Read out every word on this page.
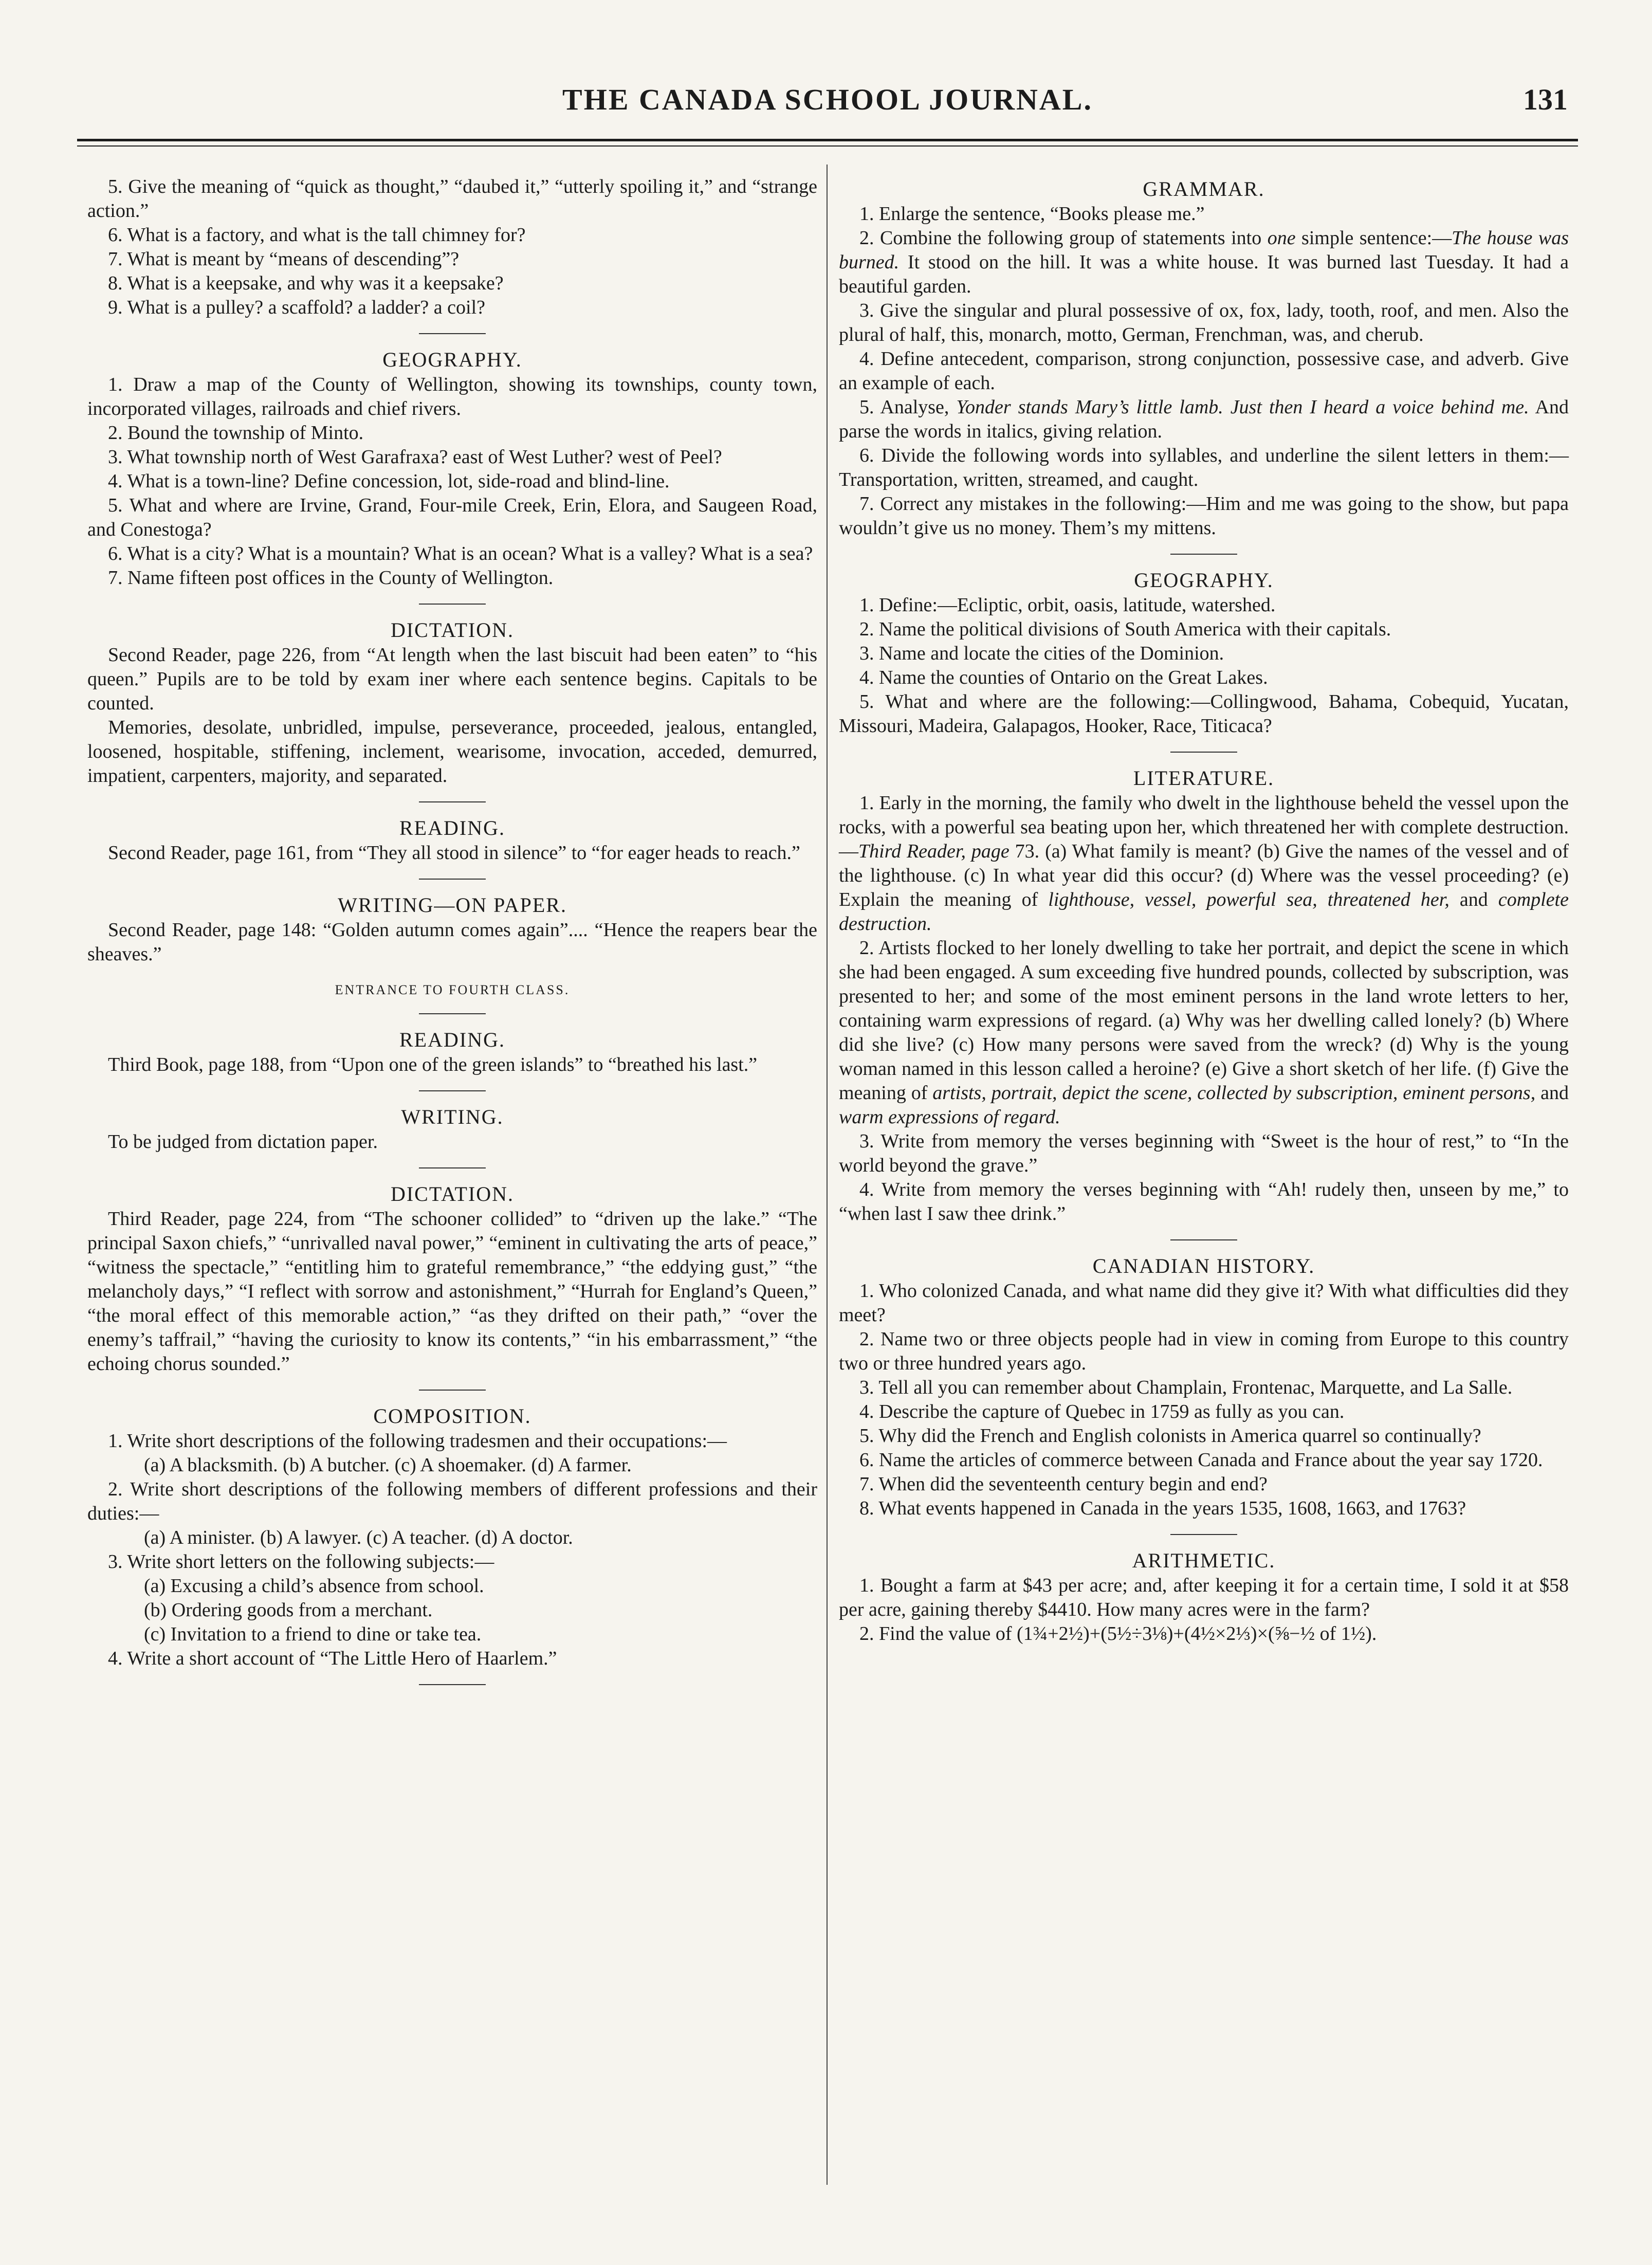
THE CANADA SCHOOL JOURNAL.	131

5. Give the meaning of “quick as thought,” “daubed it,” “utterly spoiling it,” and “strange action.”

6. What is a factory, and what is the tall chimney for?

7. What is meant by “means of descending”?

8. What is a keepsake, and why was it a keepsake?

9. What is a pulley? a scaffold? a ladder? a coil?

GEOGRAPHY.

1. Draw a map of the County of Wellington, showing its townships, county town, incorporated villages, railroads and chief rivers.

2. Bound the township of Minto.

3. What township north of West Garafraxa? east of West Luther? west of Peel?

4. What is a town-line? Define concession, lot, side-road and blind-line.

5. What and where are Irvine, Grand, Four-mile Creek, Erin, Elora, and Saugeen Road, and Conestoga?

6. What is a city? What is a mountain? What is an ocean? What is a valley? What is a sea?

7. Name fifteen post offices in the County of Wellington.

DICTATION.

Second Reader, page 226, from “At length when the last biscuit had been eaten” to “his queen.” Pupils are to be told by exam iner where each sentence begins. Capitals to be counted.

Memories, desolate, unbridled, impulse, perseverance, proceeded, jealous, entangled, loosened, hospitable, stiffening, inclement, wearisome, invocation, acceded, demurred, impatient, carpenters, majority, and separated.

READING.

Second Reader, page 161, from “They all stood in silence” to “for eager heads to reach.”

WRITING—ON PAPER.

Second Reader, page 148: “Golden autumn comes again”.... “Hence the reapers bear the sheaves.”

ENTRANCE TO FOURTH CLASS.
READING.

Third Book, page 188, from “Upon one of the green islands” to “breathed his last.”

WRITING.

To be judged from dictation paper.

DICTATION.

Third Reader, page 224, from “The schooner collided” to “driven up the lake.” “The principal Saxon chiefs,” “unrivalled naval power,” “eminent in cultivating the arts of peace,” “witness the spectacle,” “entitling him to grateful remembrance,” “the eddying gust,” “the melancholy days,” “I reflect with sorrow and astonishment,” “Hurrah for England’s Queen,” “the moral effect of this memorable action,” “as they drifted on their path,” “over the enemy’s taffrail,” “having the curiosity to know its contents,” “in his embarrassment,” “the echoing chorus sounded.”

COMPOSITION.

1. Write short descriptions of the following tradesmen and their occupations:—

(a) A blacksmith. (b) A butcher. (c) A shoemaker. (d) A farmer.

2. Write short descriptions of the following members of different professions and their duties:—

(a) A minister. (b) A lawyer. (c) A teacher. (d) A doctor.

3. Write short letters on the following subjects:—

(a) Excusing a child’s absence from school.

(b) Ordering goods from a merchant.

(c) Invitation to a friend to dine or take tea.

4. Write a short account of “The Little Hero of Haarlem.”

GRAMMAR.

1. Enlarge the sentence, “Books please me.”

2. Combine the following group of statements into one simple sentence:—The house was burned. It stood on the hill. It was a white house. It was burned last Tuesday. It had a beautiful garden.

3. Give the singular and plural possessive of ox, fox, lady, tooth, roof, and men. Also the plural of half, this, monarch, motto, German, Frenchman, was, and cherub.

4. Define antecedent, comparison, strong conjunction, possessive case, and adverb. Give an example of each.

5. Analyse, Yonder stands Mary’s little lamb. Just then I heard a voice behind me. And parse the words in italics, giving relation.

6. Divide the following words into syllables, and underline the silent letters in them:—Transportation, written, streamed, and caught.

7. Correct any mistakes in the following:—Him and me was going to the show, but papa wouldn’t give us no money. Them’s my mittens.

GEOGRAPHY.

1. Define:—Ecliptic, orbit, oasis, latitude, watershed.

2. Name the political divisions of South America with their capitals.

3. Name and locate the cities of the Dominion.

4. Name the counties of Ontario on the Great Lakes.

5. What and where are the following:—Collingwood, Bahama, Cobequid, Yucatan, Missouri, Madeira, Galapagos, Hooker, Race, Titicaca?

LITERATURE.

1. Early in the morning, the family who dwelt in the lighthouse beheld the vessel upon the rocks, with a powerful sea beating upon her, which threatened her with complete destruction.—Third Reader, page 73. (a) What family is meant? (b) Give the names of the vessel and of the lighthouse. (c) In what year did this occur? (d) Where was the vessel proceeding? (e) Explain the meaning of lighthouse, vessel, powerful sea, threatened her, and complete destruction.

2. Artists flocked to her lonely dwelling to take her portrait, and depict the scene in which she had been engaged. A sum exceeding five hundred pounds, collected by subscription, was presented to her; and some of the most eminent persons in the land wrote letters to her, containing warm expressions of regard. (a) Why was her dwelling called lonely? (b) Where did she live? (c) How many persons were saved from the wreck? (d) Why is the young woman named in this lesson called a heroine? (e) Give a short sketch of her life. (f) Give the meaning of artists, portrait, depict the scene, collected by subscription, eminent persons, and warm expressions of regard.

3. Write from memory the verses beginning with “Sweet is the hour of rest,” to “In the world beyond the grave.”

4. Write from memory the verses beginning with “Ah! rudely then, unseen by me,” to “when last I saw thee drink.”

CANADIAN HISTORY.

1. Who colonized Canada, and what name did they give it? With what difficulties did they meet?

2. Name two or three objects people had in view in coming from Europe to this country two or three hundred years ago.

3. Tell all you can remember about Champlain, Frontenac, Marquette, and La Salle.

4. Describe the capture of Quebec in 1759 as fully as you can.

5. Why did the French and English colonists in America quarrel so continually?

6. Name the articles of commerce between Canada and France about the year say 1720.

7. When did the seventeenth century begin and end?

8. What events happened in Canada in the years 1535, 1608, 1663, and 1763?

ARITHMETIC.

1. Bought a farm at $43 per acre; and, after keeping it for a certain time, I sold it at $58 per acre, gaining thereby $4410. How many acres were in the farm?

2. Find the value of (1¾+2½)+(5½÷3⅛)+(4½×2⅓)×(⅝−½ of 1½).
